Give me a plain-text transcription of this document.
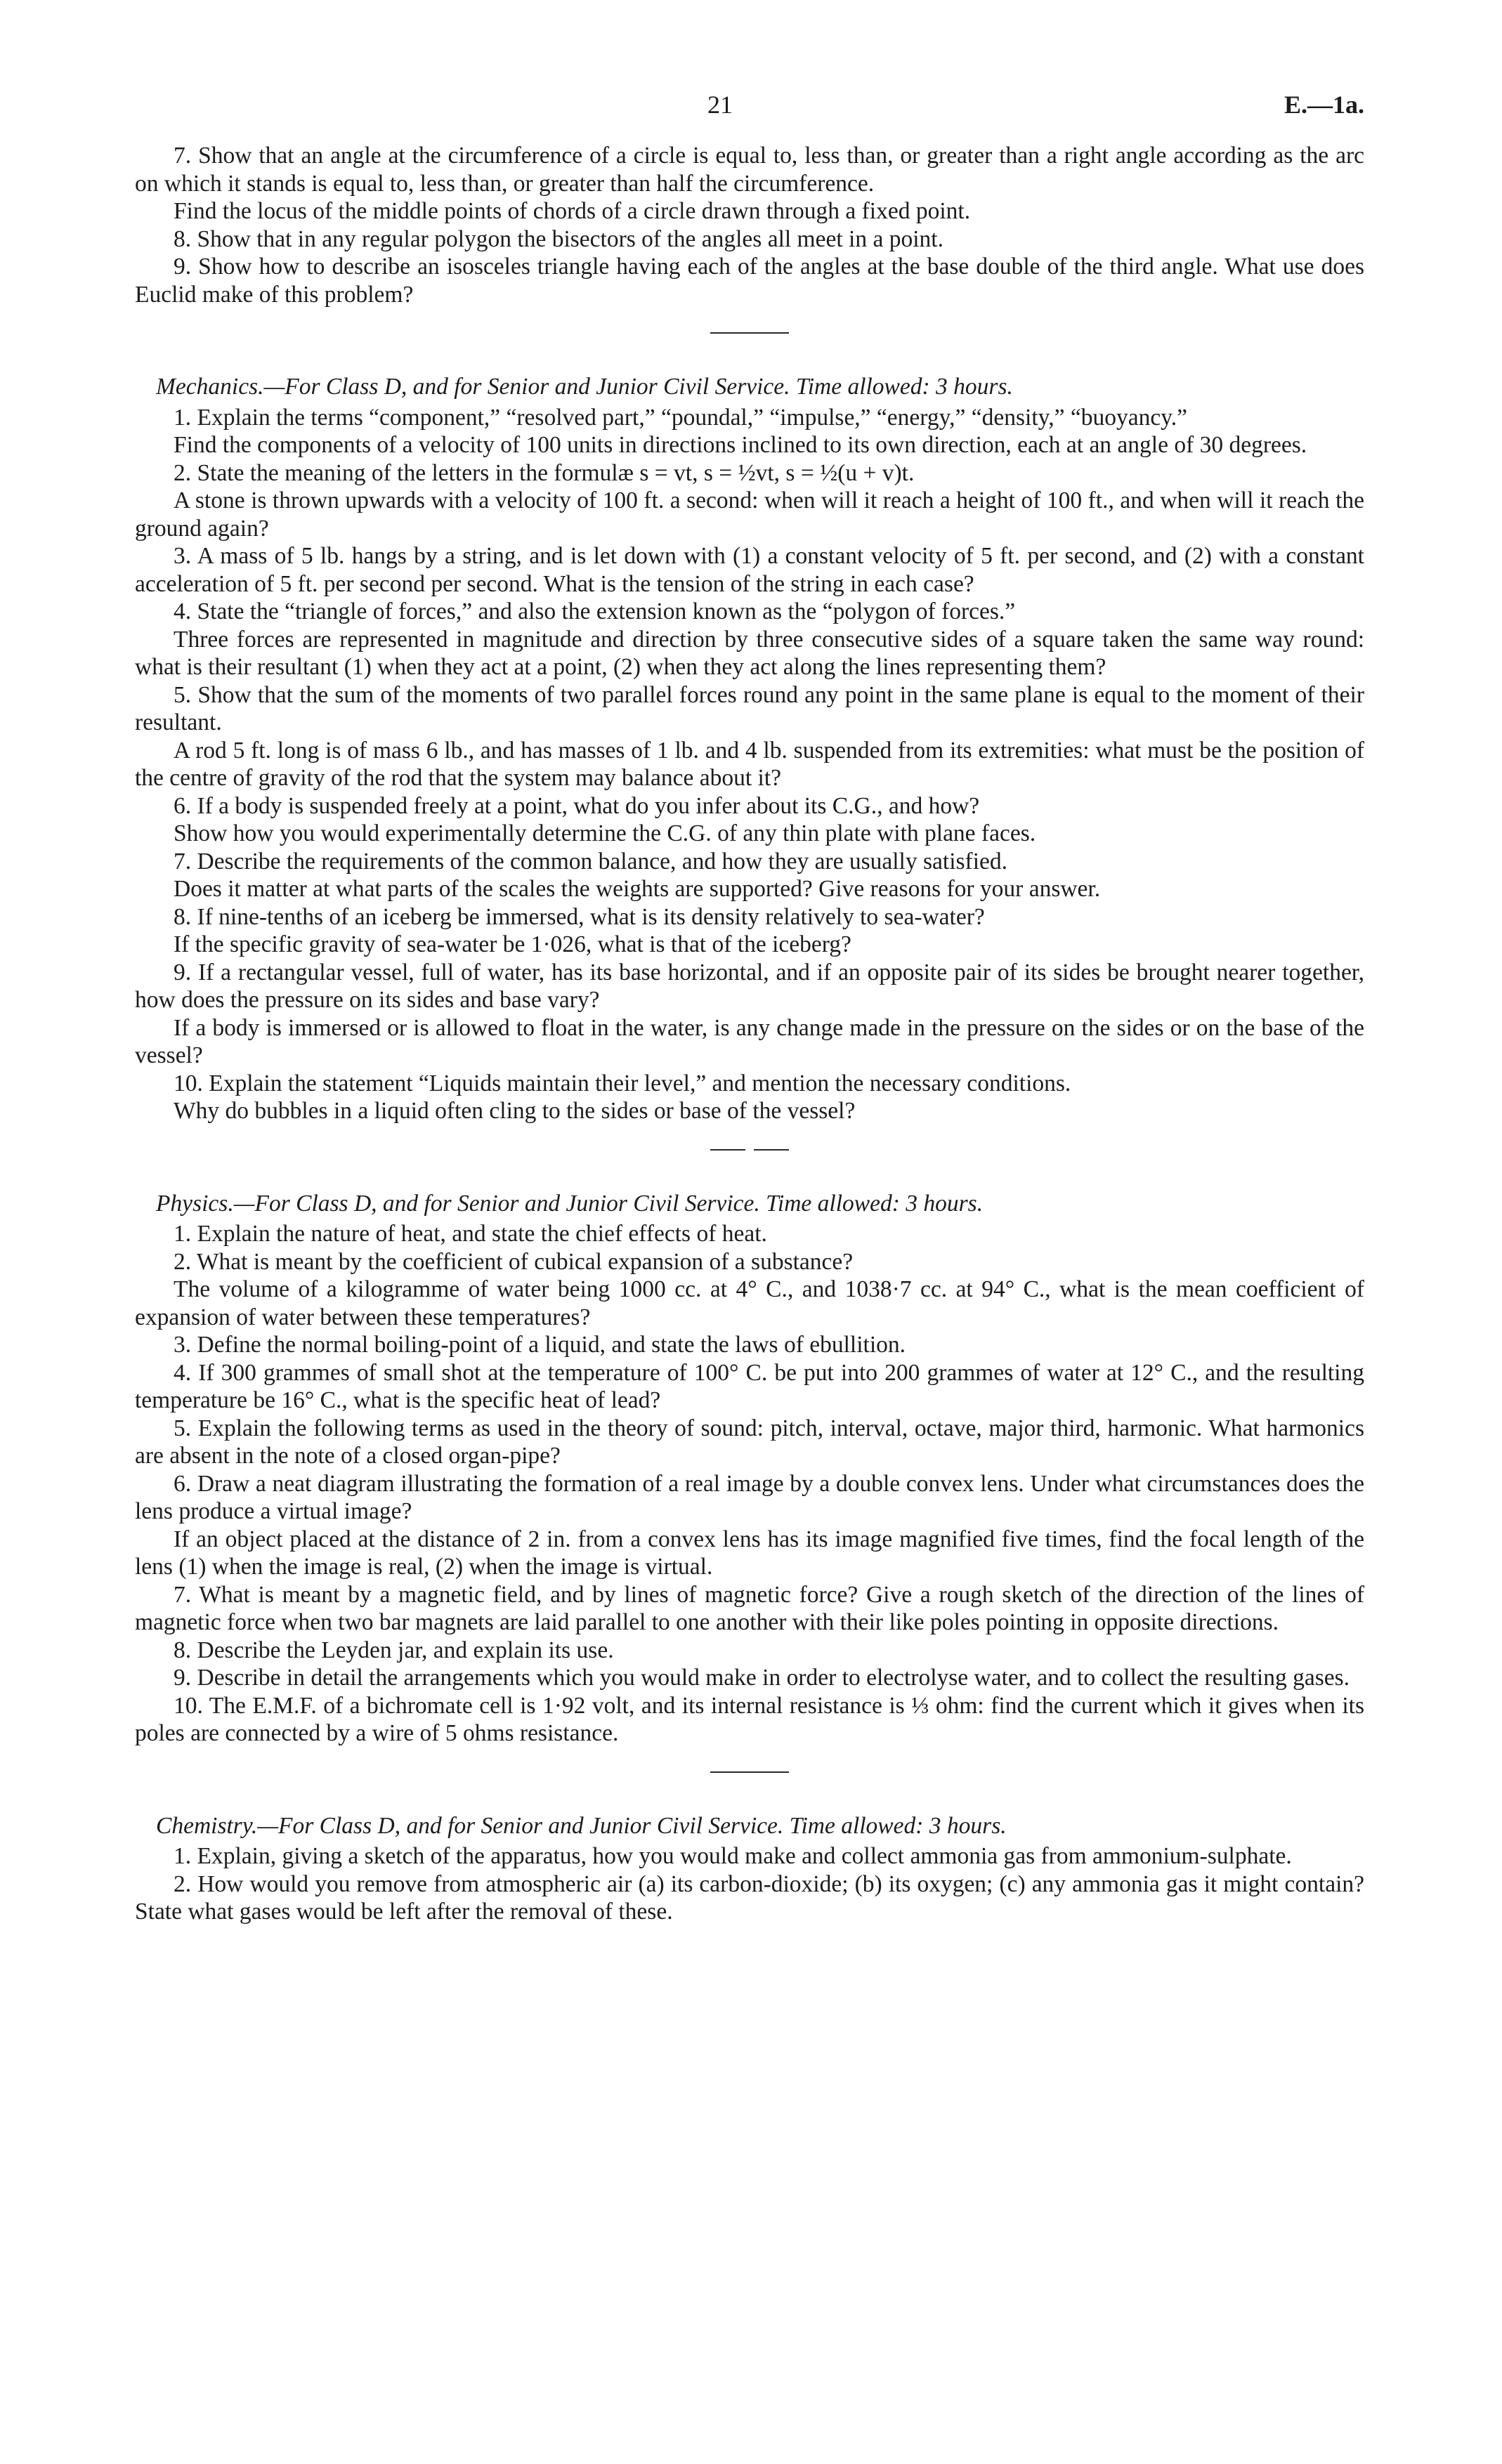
21	E.—1a.

7. Show that an angle at the circumference of a circle is equal to, less than, or greater than a right angle according as the arc on which it stands is equal to, less than, or greater than half the circumference.

Find the locus of the middle points of chords of a circle drawn through a fixed point.

8. Show that in any regular polygon the bisectors of the angles all meet in a point.

9. Show how to describe an isosceles triangle having each of the angles at the base double of the third angle. What use does Euclid make of this problem?

Mechanics.—For Class D, and for Senior and Junior Civil Service. Time allowed: 3 hours.

1. Explain the terms “component,” “resolved part,” “poundal,” “impulse,” “energy,” “density,” “buoyancy.”

Find the components of a velocity of 100 units in directions inclined to its own direction, each at an angle of 30 degrees.

2. State the meaning of the letters in the formulæ s = vt, s = ½vt, s = ½(u + v)t.

A stone is thrown upwards with a velocity of 100 ft. a second: when will it reach a height of 100 ft., and when will it reach the ground again?

3. A mass of 5 lb. hangs by a string, and is let down with (1) a constant velocity of 5 ft. per second, and (2) with a constant acceleration of 5 ft. per second per second. What is the tension of the string in each case?

4. State the “triangle of forces,” and also the extension known as the “polygon of forces.”

Three forces are represented in magnitude and direction by three consecutive sides of a square taken the same way round: what is their resultant (1) when they act at a point, (2) when they act along the lines representing them?

5. Show that the sum of the moments of two parallel forces round any point in the same plane is equal to the moment of their resultant.

A rod 5 ft. long is of mass 6 lb., and has masses of 1 lb. and 4 lb. suspended from its extremities: what must be the position of the centre of gravity of the rod that the system may balance about it?

6. If a body is suspended freely at a point, what do you infer about its C.G., and how?

Show how you would experimentally determine the C.G. of any thin plate with plane faces.

7. Describe the requirements of the common balance, and how they are usually satisfied.

Does it matter at what parts of the scales the weights are supported? Give reasons for your answer.

8. If nine-tenths of an iceberg be immersed, what is its density relatively to sea-water?

If the specific gravity of sea-water be 1·026, what is that of the iceberg?

9. If a rectangular vessel, full of water, has its base horizontal, and if an opposite pair of its sides be brought nearer together, how does the pressure on its sides and base vary?

If a body is immersed or is allowed to float in the water, is any change made in the pressure on the sides or on the base of the vessel?

10. Explain the statement “Liquids maintain their level,” and mention the necessary conditions.

Why do bubbles in a liquid often cling to the sides or base of the vessel?

Physics.—For Class D, and for Senior and Junior Civil Service. Time allowed: 3 hours.

1. Explain the nature of heat, and state the chief effects of heat.

2. What is meant by the coefficient of cubical expansion of a substance?

The volume of a kilogramme of water being 1000 cc. at 4° C., and 1038·7 cc. at 94° C., what is the mean coefficient of expansion of water between these temperatures?

3. Define the normal boiling-point of a liquid, and state the laws of ebullition.

4. If 300 grammes of small shot at the temperature of 100° C. be put into 200 grammes of water at 12° C., and the resulting temperature be 16° C., what is the specific heat of lead?

5. Explain the following terms as used in the theory of sound: pitch, interval, octave, major third, harmonic. What harmonics are absent in the note of a closed organ-pipe?

6. Draw a neat diagram illustrating the formation of a real image by a double convex lens. Under what circumstances does the lens produce a virtual image?

If an object placed at the distance of 2 in. from a convex lens has its image magnified five times, find the focal length of the lens (1) when the image is real, (2) when the image is virtual.

7. What is meant by a magnetic field, and by lines of magnetic force? Give a rough sketch of the direction of the lines of magnetic force when two bar magnets are laid parallel to one another with their like poles pointing in opposite directions.

8. Describe the Leyden jar, and explain its use.

9. Describe in detail the arrangements which you would make in order to electrolyse water, and to collect the resulting gases.

10. The E.M.F. of a bichromate cell is 1·92 volt, and its internal resistance is ⅓ ohm: find the current which it gives when its poles are connected by a wire of 5 ohms resistance.

Chemistry.—For Class D, and for Senior and Junior Civil Service. Time allowed: 3 hours.

1. Explain, giving a sketch of the apparatus, how you would make and collect ammonia gas from ammonium-sulphate.

2. How would you remove from atmospheric air (a) its carbon-dioxide; (b) its oxygen; (c) any ammonia gas it might contain? State what gases would be left after the removal of these.
